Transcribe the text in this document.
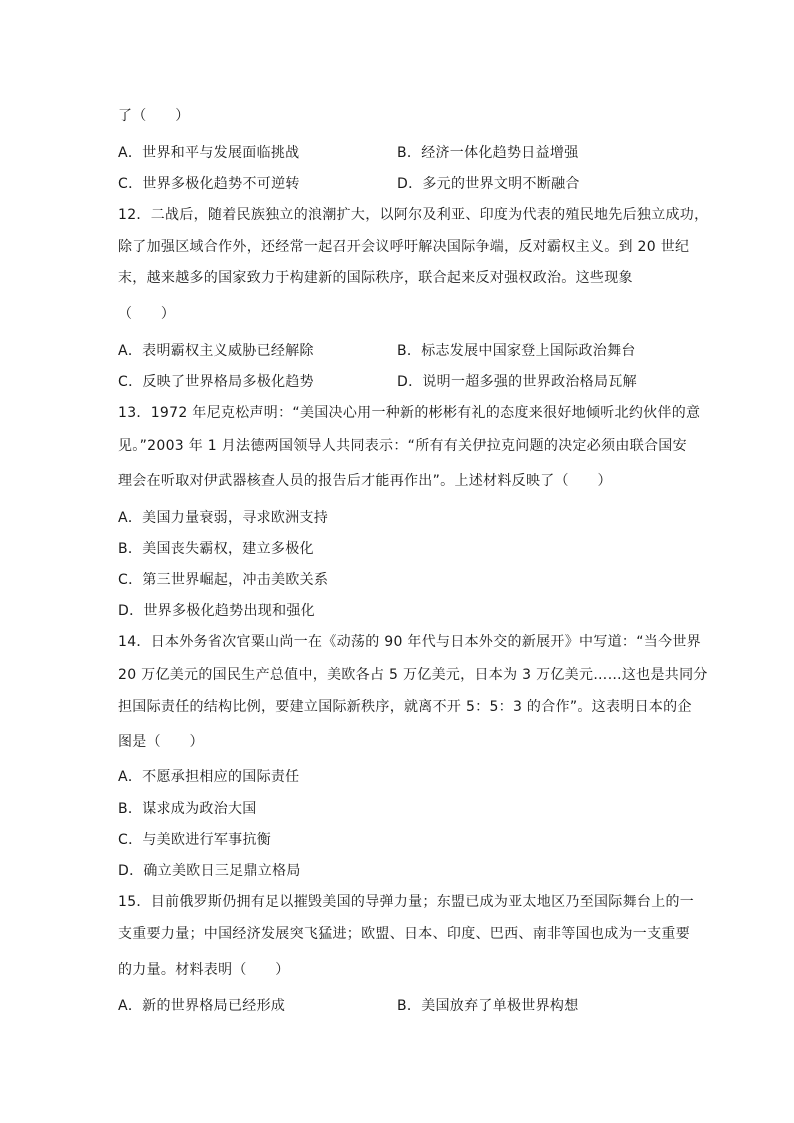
了（　　）
A．世界和平与发展面临挑战	B．经济一体化趋势日益增强
C．世界多极化趋势不可逆转	D．多元的世界文明不断融合
12．二战后，随着民族独立的浪潮扩大，以阿尔及利亚、印度为代表的殖民地先后独立成功，
除了加强区域合作外，还经常一起召开会议呼吁解决国际争端，反对霸权主义。到 20 世纪
末，越来越多的国家致力于构建新的国际秩序，联合起来反对强权政治。这些现象
（　　）
A．表明霸权主义威胁已经解除	B．标志发展中国家登上国际政治舞台
C．反映了世界格局多极化趋势	D．说明一超多强的世界政治格局瓦解
13．1972 年尼克松声明：“美国决心用一种新的彬彬有礼的态度来很好地倾听北约伙伴的意
见。”2003 年 1 月法德两国领导人共同表示：“所有有关伊拉克问题的决定必须由联合国安
理会在听取对伊武器核查人员的报告后才能再作出”。上述材料反映了（　　）
A．美国力量衰弱，寻求欧洲支持
B．美国丧失霸权，建立多极化
C．第三世界崛起，冲击美欧关系
D．世界多极化趋势出现和强化
14．日本外务省次官粟山尚一在《动荡的 90 年代与日本外交的新展开》中写道：“当今世界
20 万亿美元的国民生产总值中，美欧各占 5 万亿美元，日本为 3 万亿美元……这也是共同分
担国际责任的结构比例，要建立国际新秩序，就离不开 5：5：3 的合作”。这表明日本的企
图是（　　）
A．不愿承担相应的国际责任
B．谋求成为政治大国
C．与美欧进行军事抗衡
D．确立美欧日三足鼎立格局
15．目前俄罗斯仍拥有足以摧毁美国的导弹力量；东盟已成为亚太地区乃至国际舞台上的一
支重要力量；中国经济发展突飞猛进；欧盟、日本、印度、巴西、南非等国也成为一支重要
的力量。材料表明（　　）
A．新的世界格局已经形成	B．美国放弃了单极世界构想
